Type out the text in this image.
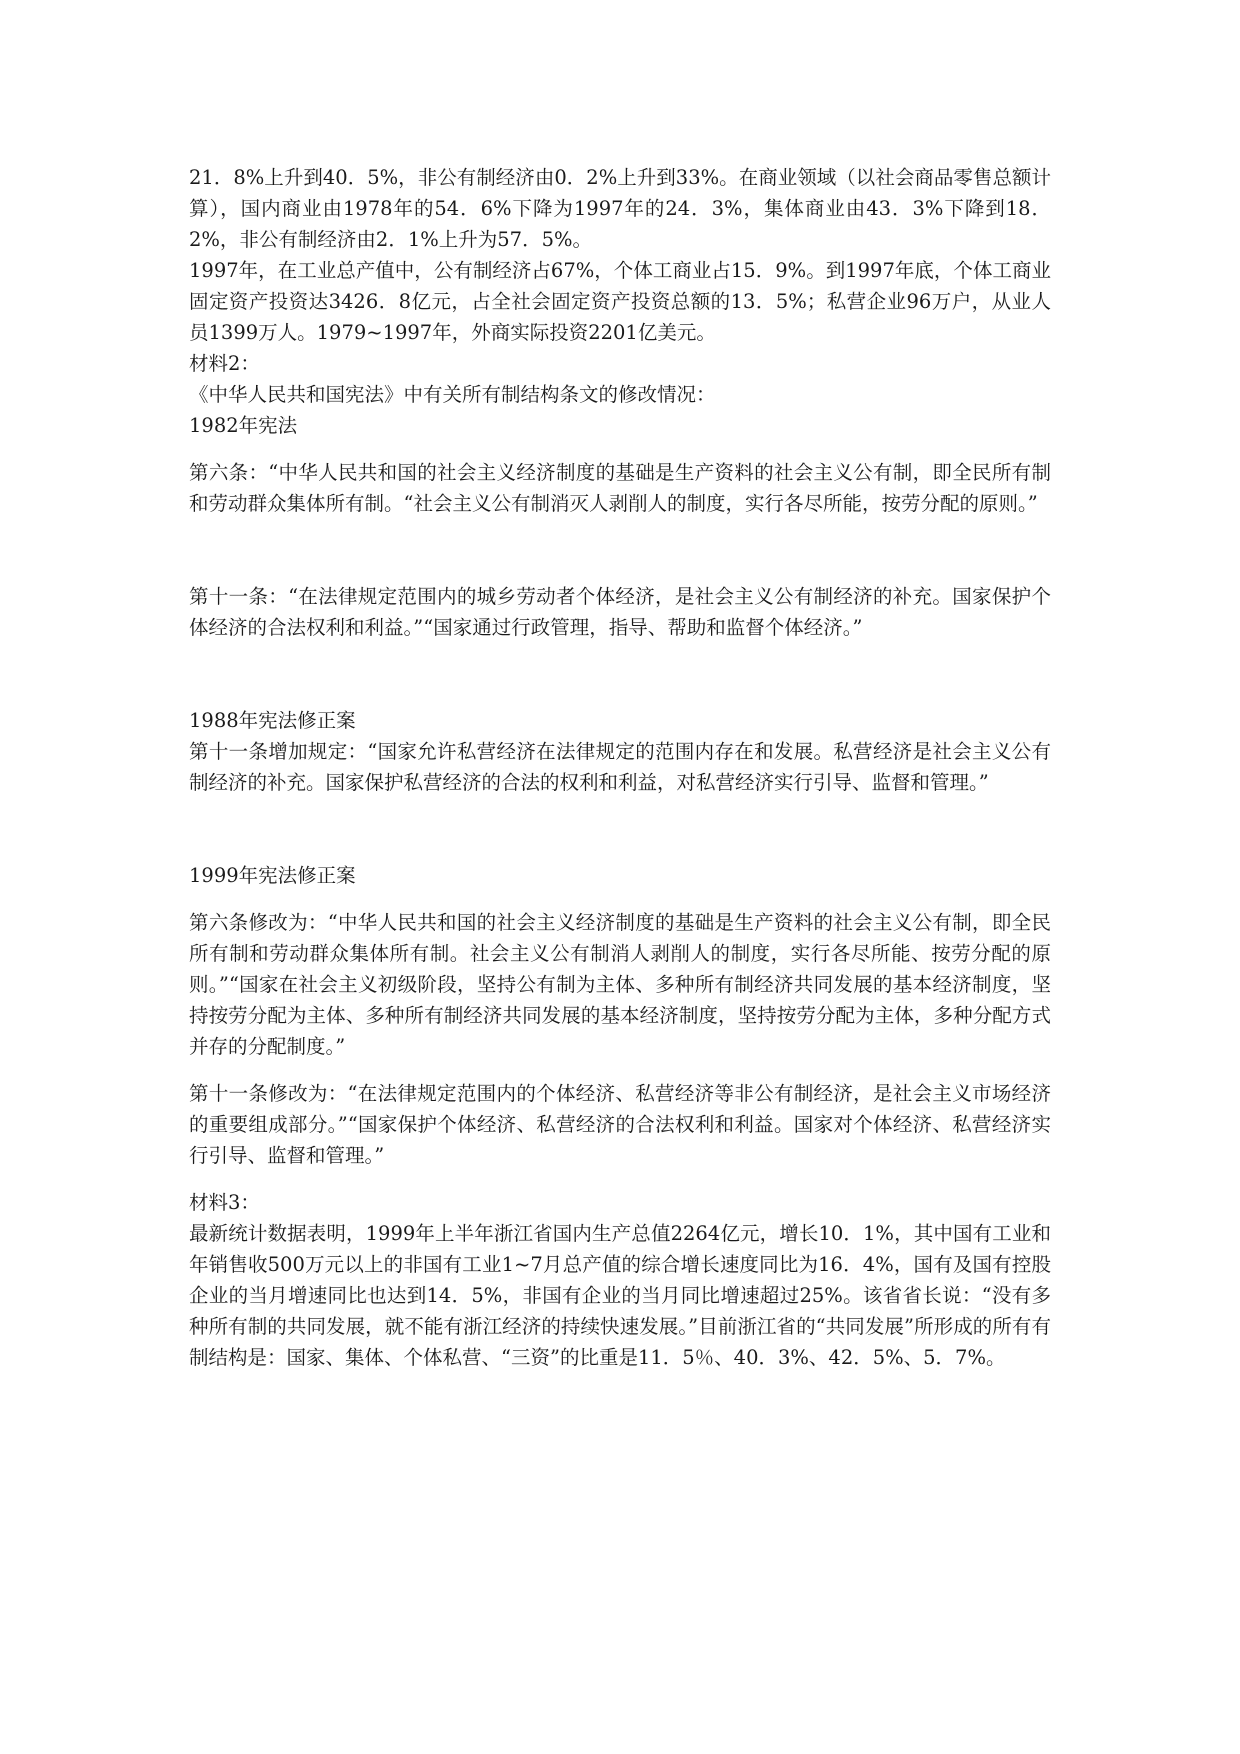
21．8%上升到40．5%，非公有制经济由0．2%上升到33%。在商业领域（以社会商品零售总额计算），国内商业由1978年的54．6%下降为1997年的24．3%，集体商业由43．3%下降到18．2%，非公有制经济由2．1%上升为57．5%。
1997年，在工业总产值中，公有制经济占67%，个体工商业占15．9%。到1997年底，个体工商业固定资产投资达3426．8亿元，占全社会固定资产投资总额的13．5%；私营企业96万户，从业人员1399万人。1979~1997年，外商实际投资2201亿美元。
材料2：
《中华人民共和国宪法》中有关所有制结构条文的修改情况：
1982年宪法
第六条：“中华人民共和国的社会主义经济制度的基础是生产资料的社会主义公有制，即全民所有制和劳动群众集体所有制。“社会主义公有制消灭人剥削人的制度，实行各尽所能，按劳分配的原则。”
第十一条：“在法律规定范围内的城乡劳动者个体经济，是社会主义公有制经济的补充。国家保护个体经济的合法权利和利益。”“国家通过行政管理，指导、帮助和监督个体经济。”
1988年宪法修正案
第十一条增加规定：“国家允许私营经济在法律规定的范围内存在和发展。私营经济是社会主义公有制经济的补充。国家保护私营经济的合法的权利和利益，对私营经济实行引导、监督和管理。”
1999年宪法修正案
第六条修改为：“中华人民共和国的社会主义经济制度的基础是生产资料的社会主义公有制，即全民所有制和劳动群众集体所有制。社会主义公有制消人剥削人的制度，实行各尽所能、按劳分配的原则。”“国家在社会主义初级阶段，坚持公有制为主体、多种所有制经济共同发展的基本经济制度，坚持按劳分配为主体、多种所有制经济共同发展的基本经济制度，坚持按劳分配为主体，多种分配方式并存的分配制度。”
第十一条修改为：“在法律规定范围内的个体经济、私营经济等非公有制经济，是社会主义市场经济的重要组成部分。”“国家保护个体经济、私营经济的合法权利和利益。国家对个体经济、私营经济实行引导、监督和管理。”
材料3：
最新统计数据表明，1999年上半年浙江省国内生产总值2264亿元，增长10．1%，其中国有工业和年销售收500万元以上的非国有工业1~7月总产值的综合增长速度同比为16．4%，国有及国有控股企业的当月增速同比也达到14．5%，非国有企业的当月同比增速超过25%。该省省长说：“没有多种所有制的共同发展，就不能有浙江经济的持续快速发展。”目前浙江省的“共同发展”所形成的所有有制结构是：国家、集体、个体私营、“三资”的比重是11．5％、40．3%、42．5%、5．7%。
